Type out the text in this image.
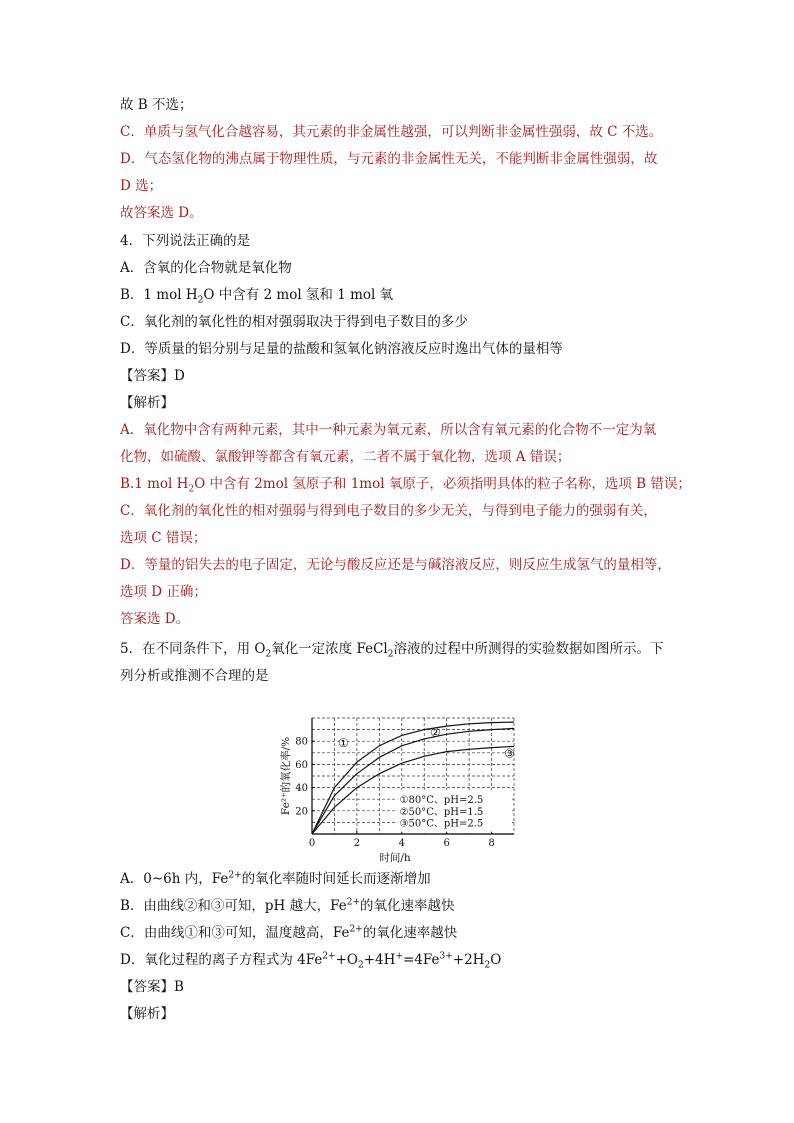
故 B 不选；
C．单质与氢气化合越容易，其元素的非金属性越强，可以判断非金属性强弱，故 C 不选。
D．气态氢化物的沸点属于物理性质，与元素的非金属性无关，不能判断非金属性强弱，故
D 选；
故答案选 D。
4．下列说法正确的是
A．含氧的化合物就是氧化物
B．1 mol $H_2O$ 中含有 2 mol 氢和 1 mol 氧
C．氧化剂的氧化性的相对强弱取决于得到电子数目的多少
D．等质量的铝分别与足量的盐酸和氢氧化钠溶液反应时逸出气体的量相等
【答案】D
【解析】
A．氧化物中含有两种元素，其中一种元素为氧元素，所以含有氧元素的化合物不一定为氧
化物，如硫酸、氯酸钾等都含有氧元素，二者不属于氧化物，选项 A 错误；
B.1 mol $H_2O$ 中含有 2mol 氢原子和 1mol 氧原子，必须指明具体的粒子名称，选项 B 错误；
C．氧化剂的氧化性的相对强弱与得到电子数目的多少无关，与得到电子能力的强弱有关，
选项 C 错误；
D．等量的铝失去的电子固定，无论与酸反应还是与碱溶液反应，则反应生成氢气的量相等，
选项 D 正确；
答案选 D。
5．在不同条件下，用 $O_2$氧化一定浓度 FeCl$_2$溶液的过程中所测得的实验数据如图所示。下
列分析或推测不合理的是
0	2	4	6	8
20
40
60
80
时间/h
Fe²⁺的氧化率/%	①
②
③
①80°C、pH=2.5
②50°C、pH=1.5
③50°C、pH=2.5
A．0~6h 内，$Fe^{2+}$的氧化率随时间延长而逐渐增加
B．由曲线②和③可知，pH 越大，$Fe^{2+}$的氧化速率越快
C．由曲线①和③可知，温度越高，$Fe^{2+}$的氧化速率越快
D．氧化过程的离子方程式为 $4Fe^{2+}+O_2+4H^+=4Fe^{3+}+2H_2O$
【答案】B
【解析】
